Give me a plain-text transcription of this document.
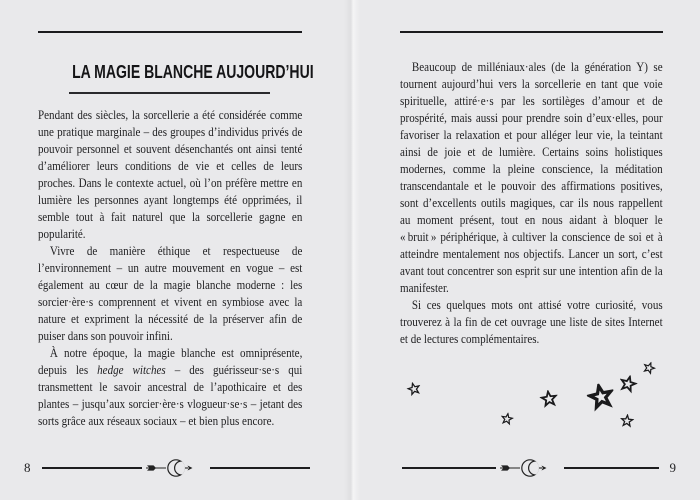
LA MAGIE BLANCHE AUJOURD’HUI

Pendant des siècles, la sorcellerie a été considérée comme une pratique marginale – des groupes d’individus privés de pouvoir personnel et souvent désenchantés ont ainsi tenté d’améliorer leurs conditions de vie et celles de leurs proches. Dans le contexte actuel, où l’on préfère mettre en lumière les personnes ayant longtemps été opprimées, il semble tout à fait naturel que la sorcellerie gagne en popularité.

Vivre de manière éthique et respectueuse de l’environnement – un autre mouvement en vogue – est également au cœur de la magie blanche moderne : les sorcier·ère·s comprennent et vivent en symbiose avec la nature et expriment la nécessité de la préserver afin de puiser dans son pouvoir infini.

À notre époque, la magie blanche est omniprésente, depuis les hedge witches – des guérisseur·se·s qui transmettent le savoir ancestral de l’apothicaire et des plantes – jusqu’aux sorcier·ère·s vlogueur·se·s – jetant des sorts grâce aux réseaux sociaux – et bien plus encore.

8

Beaucoup de milléniaux·ales (de la génération Y) se tournent aujourd’hui vers la sorcellerie en tant que voie spirituelle, attiré·e·s par les sortilèges d’amour et de prospérité, mais aussi pour prendre soin d’eux·elles, pour favoriser la relaxation et pour alléger leur vie, la teintant ainsi de joie et de lumière. Certains soins holistiques modernes, comme la pleine conscience, la méditation transcendantale et le pouvoir des affirmations positives, sont d’excellents outils magiques, car ils nous rappellent au moment présent, tout en nous aidant à bloquer le « bruit » périphérique, à cultiver la conscience de soi et à atteindre mentalement nos objectifs. Lancer un sort, c’est avant tout concentrer son esprit sur une intention afin de la manifester.

Si ces quelques mots ont attisé votre curiosité, vous trouverez à la fin de cet ouvrage une liste de sites Internet et de lectures complémentaires.

9
